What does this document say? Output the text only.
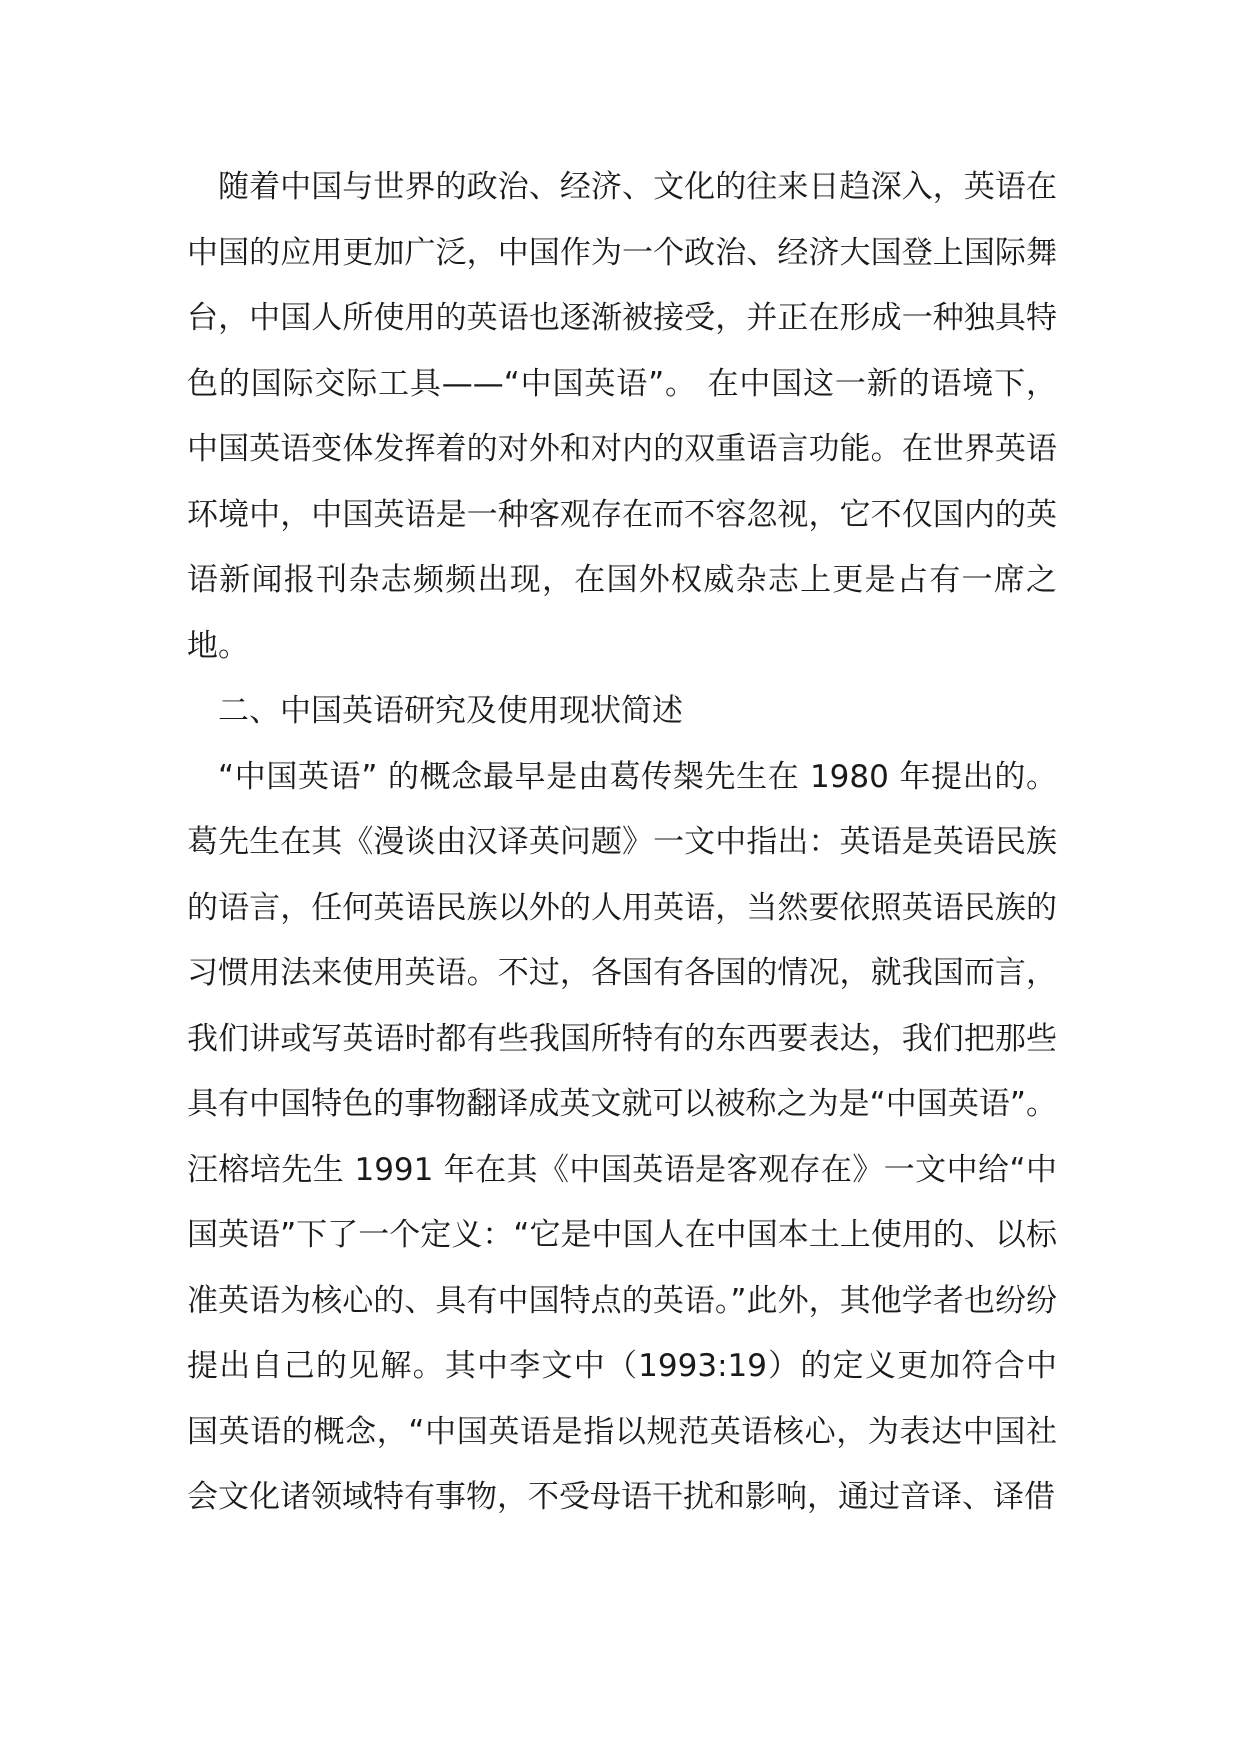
随着中国与世界的政治、经济、文化的往来日趋深入，英语在中国的应用更加广泛，中国作为一个政治、经济大国登上国际舞台，中国人所使用的英语也逐渐被接受，并正在形成一种独具特色的国际交际工具——“中国英语”。 在中国这一新的语境下，中国英语变体发挥着的对外和对内的双重语言功能。在世界英语环境中，中国英语是一种客观存在而不容忽视，它不仅国内的英语新闻报刊杂志频频出现，在国外权威杂志上更是占有一席之地。

二、中国英语研究及使用现状简述

“中国英语” 的概念最早是由葛传椝先生在 1980 年提出的。葛先生在其《漫谈由汉译英问题》一文中指出：英语是英语民族的语言，任何英语民族以外的人用英语，当然要依照英语民族的习惯用法来使用英语。不过，各国有各国的情况，就我国而言，我们讲或写英语时都有些我国所特有的东西要表达，我们把那些具有中国特色的事物翻译成英文就可以被称之为是“中国英语”。 汪榕培先生 1991 年在其《中国英语是客观存在》一文中给“中国英语”下了一个定义：“它是中国人在中国本土上使用的、以标准英语为核心的、具有中国特点的英语。”此外，其他学者也纷纷提出自己的见解。其中李文中（1993:19）的定义更加符合中国英语的概念，“中国英语是指以规范英语核心，为表达中国社会文化诸领域特有事物，不受母语干扰和影响，通过音译、译借
